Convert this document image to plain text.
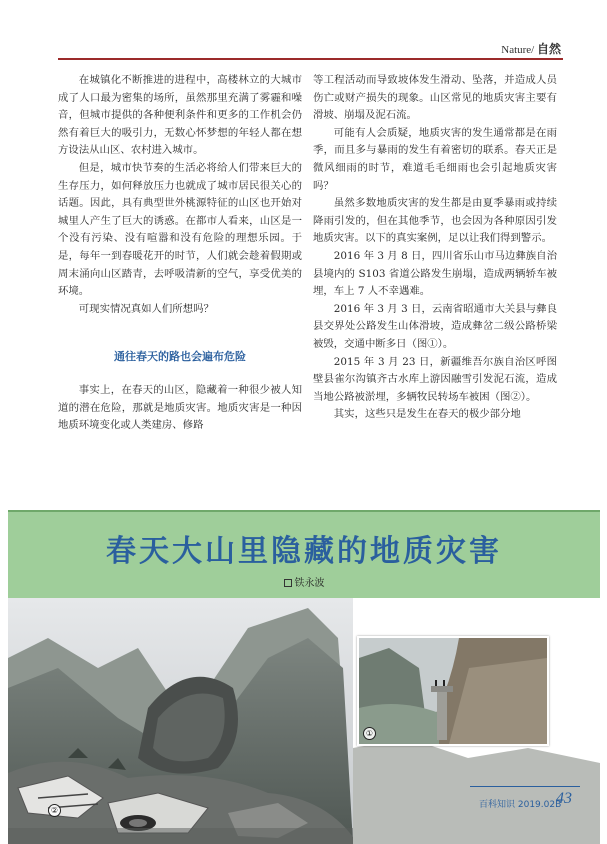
Nature/ 自然

在城镇化不断推进的进程中，高楼林立的大城市成了人口最为密集的场所，虽然那里充满了雾霾和噪音，但城市提供的各种便利条件和更多的工作机会仍然有着巨大的吸引力，无数心怀梦想的年轻人都在想方设法从山区、农村进入城市。

但是，城市快节奏的生活必将给人们带来巨大的生存压力，如何释放压力也就成了城市居民很关心的话题。因此，具有典型世外桃源特征的山区也开始对城里人产生了巨大的诱惑。在都市人看来，山区是一个没有污染、没有喧嚣和没有危险的理想乐园。于是，每年一到春暖花开的时节，人们就会趁着假期或周末涌向山区踏青，去呼吸清新的空气，享受优美的环境。

可现实情况真如人们所想吗？

通往春天的路也会遍布危险

事实上，在春天的山区，隐藏着一种很少被人知道的潜在危险，那就是地质灾害。地质灾害是一种因地质环境变化或人类建房、修路

等工程活动而导致坡体发生滑动、坠落，并造成人员伤亡或财产损失的现象。山区常见的地质灾害主要有滑坡、崩塌及泥石流。

可能有人会质疑，地质灾害的发生通常都是在雨季，而且多与暴雨的发生有着密切的联系。春天正是微风细雨的时节，难道毛毛细雨也会引起地质灾害吗？

虽然多数地质灾害的发生都是由夏季暴雨或持续降雨引发的，但在其他季节，也会因为各种原因引发地质灾害。以下的真实案例，足以让我们得到警示。

2016 年 3 月 8 日，四川省乐山市马边彝族自治县境内的 S103 省道公路发生崩塌，造成两辆轿车被埋，车上 7 人不幸遇难。

2016 年 3 月 3 日，云南省昭通市大关县与彝良县交界处公路发生山体滑坡，造成彝岔二级公路桥梁被毁，交通中断多日（图①）。

2015 年 3 月 23 日，新疆维吾尔族自治区呼图壁县雀尔沟镇齐古水库上游因融雪引发泥石流，造成当地公路被淤埋，多辆牧民转场车被困（图②）。

其实，这些只是发生在春天的极少部分地

春天大山里隐藏的地质灾害
铁永波
①
②
百科知识 2019.02B
43
